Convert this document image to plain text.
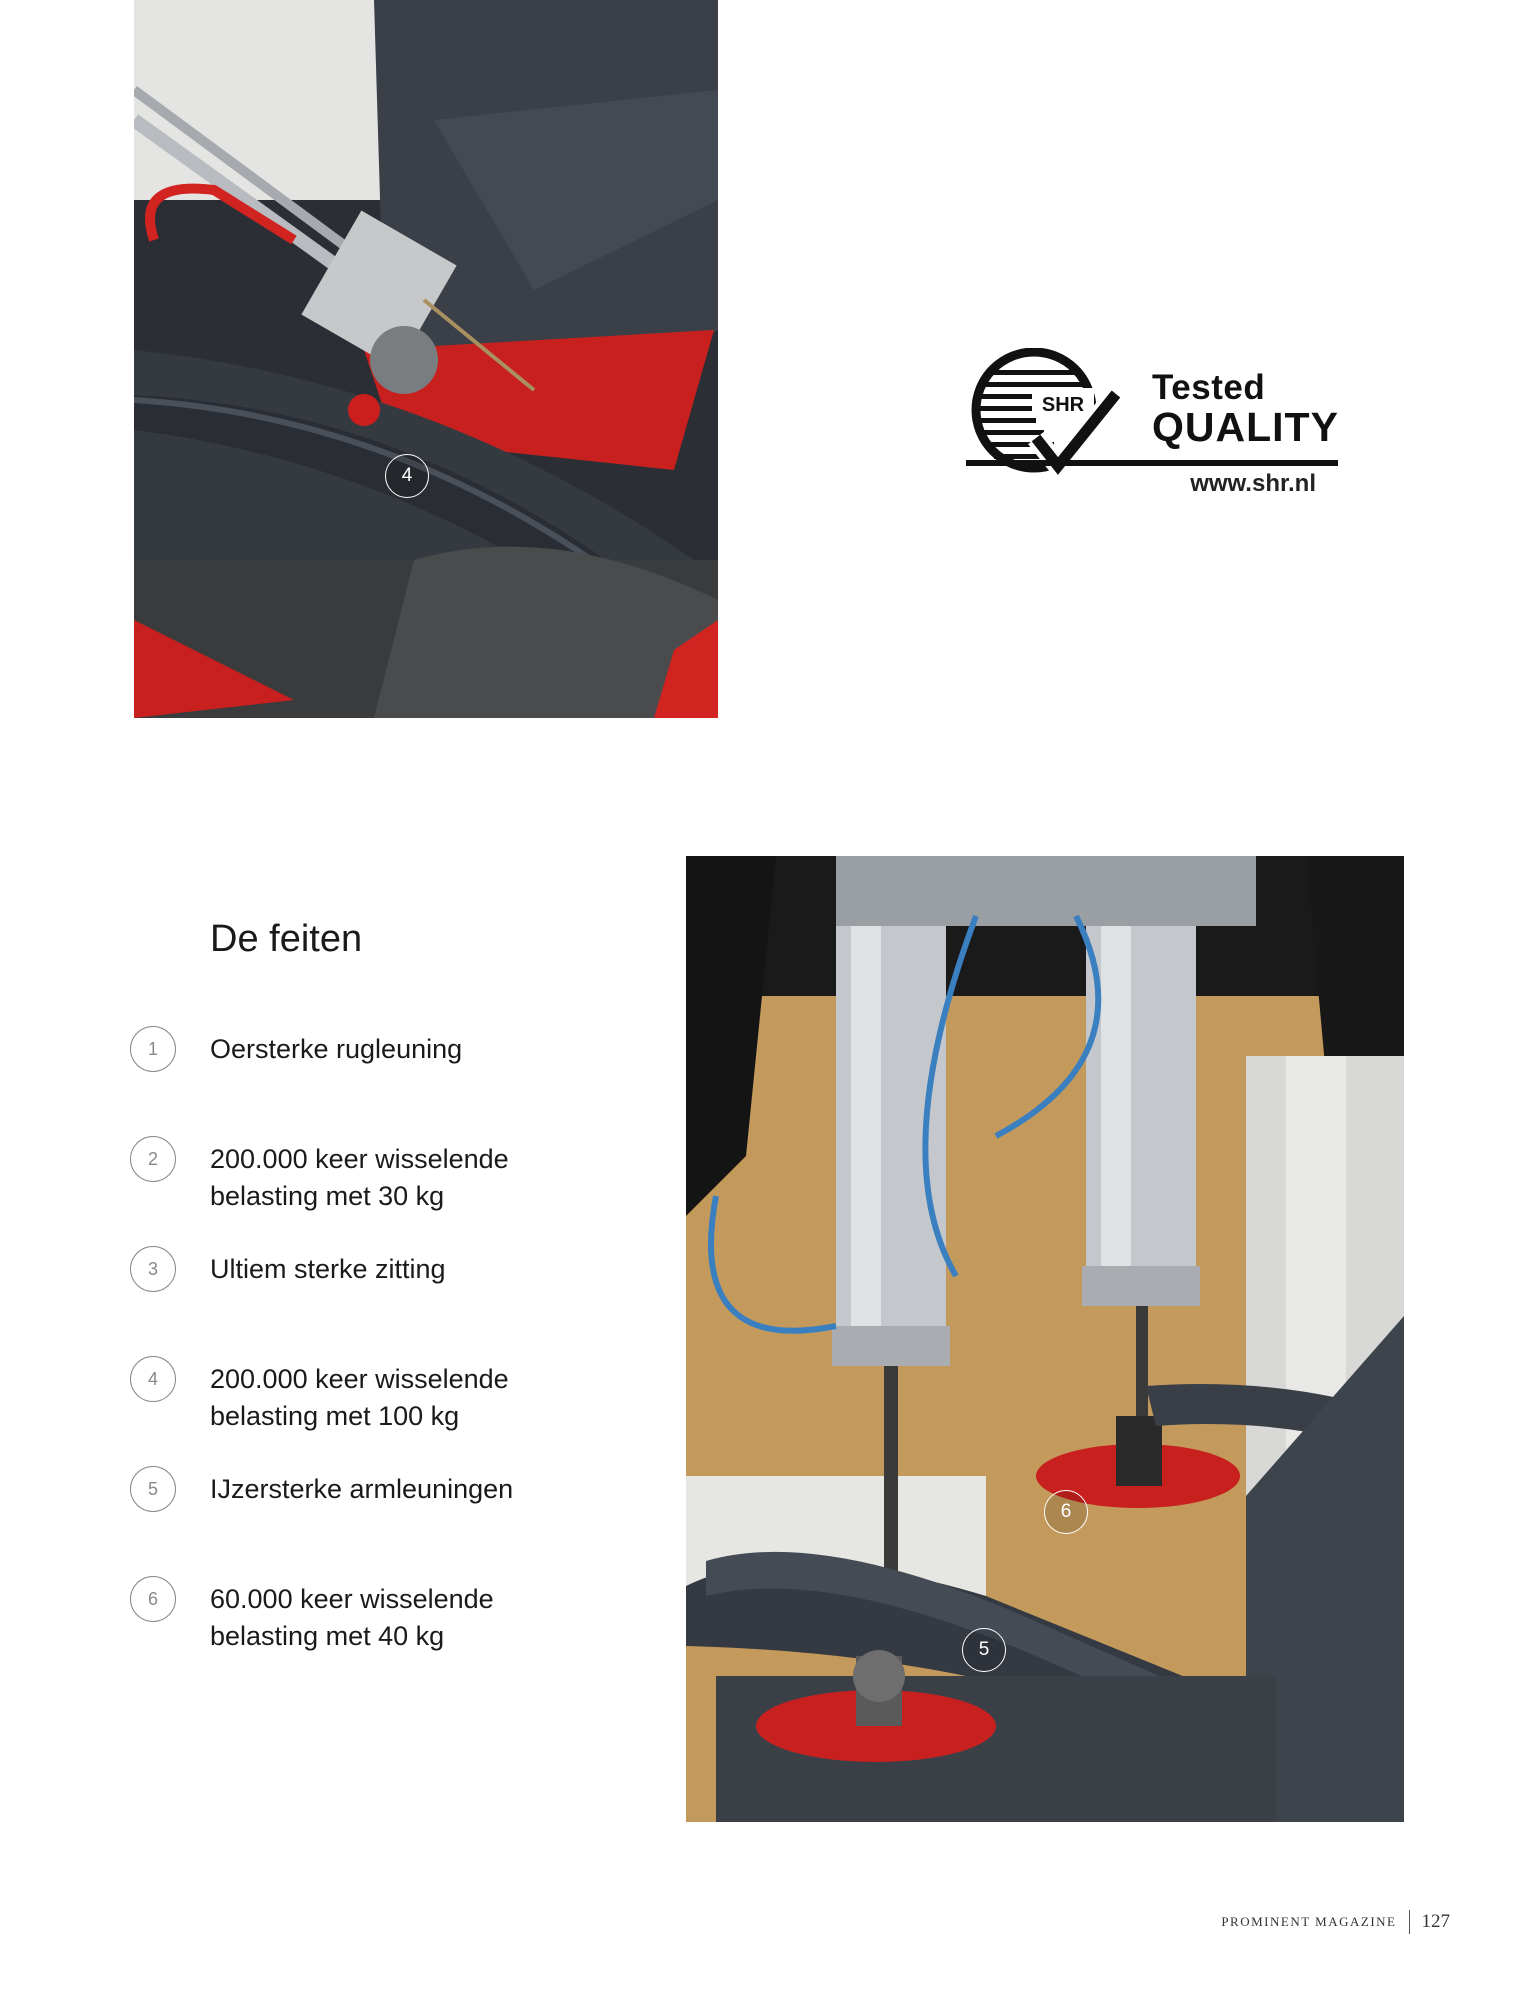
4
SHR Tested
QUALITY
www.shr.nl
De feiten
1	Oersterke rugleuning
2	200.000 keer wisselende
belasting met 30 kg
3	Ultiem sterke zitting
4	200.000 keer wisselende
belasting met 100 kg
5	IJzersterke armleuningen
6	60.000 keer wisselende
belasting met 40 kg
6
5
PROMINENT MAGAZINE 127
